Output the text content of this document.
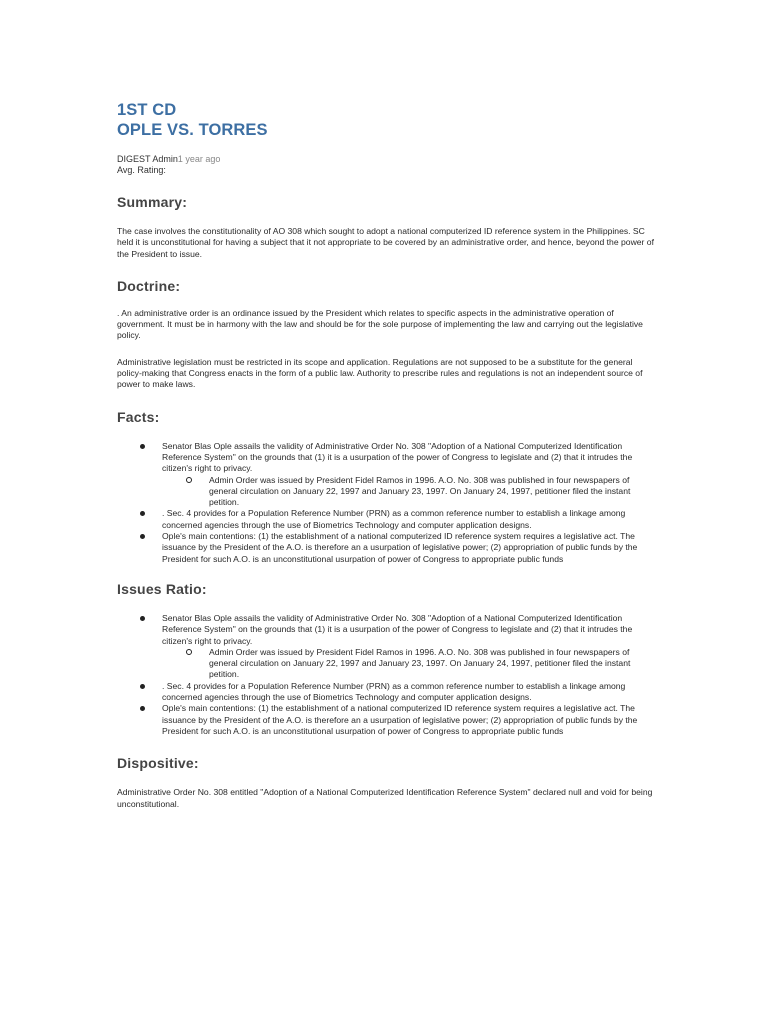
1ST CD
OPLE VS. TORRES
DIGEST Admin1 year ago
Avg. Rating:
Summary:

The case involves the constitutionality of AO 308 which sought to adopt a national computerized ID reference system in the Philippines. SC held it is unconstitutional for having a subject that it not appropriate to be covered by an administrative order, and hence, beyond the power of the President to issue.

Doctrine:

. An administrative order is an ordinance issued by the President which relates to specific aspects in the administrative operation of government. It must be in harmony with the law and should be for the sole purpose of implementing the law and carrying out the legislative policy.

Administrative legislation must be restricted in its scope and application. Regulations are not supposed to be a substitute for the general policy-making that Congress enacts in the form of a public law. Authority to prescribe rules and regulations is not an independent source of power to make laws.

Facts:
Senator Blas Ople assails the validity of Administrative Order No. 308 "Adoption of a National Computerized Identification Reference System" on the grounds that (1) it is a usurpation of the power of Congress to legislate and (2) that it intrudes the citizen's right to privacy.
Admin Order was issued by President Fidel Ramos in 1996. A.O. No. 308 was published in four newspapers of general circulation on January 22, 1997 and January 23, 1997. On January 24, 1997, petitioner filed the instant petition.
. Sec. 4 provides for a Population Reference Number (PRN) as a common reference number to establish a linkage among concerned agencies through the use of Biometrics Technology and computer application designs.
Ople's main contentions: (1) the establishment of a national computerized ID reference system requires a legislative act. The issuance by the President of the A.O. is therefore an a usurpation of legislative power; (2) appropriation of public funds by the President for such A.O. is an unconstitutional usurpation of power of Congress to appropriate public funds
Issues Ratio:
Senator Blas Ople assails the validity of Administrative Order No. 308 "Adoption of a National Computerized Identification Reference System" on the grounds that (1) it is a usurpation of the power of Congress to legislate and (2) that it intrudes the citizen's right to privacy.
Admin Order was issued by President Fidel Ramos in 1996. A.O. No. 308 was published in four newspapers of general circulation on January 22, 1997 and January 23, 1997. On January 24, 1997, petitioner filed the instant petition.
. Sec. 4 provides for a Population Reference Number (PRN) as a common reference number to establish a linkage among concerned agencies through the use of Biometrics Technology and computer application designs.
Ople's main contentions: (1) the establishment of a national computerized ID reference system requires a legislative act. The issuance by the President of the A.O. is therefore an a usurpation of legislative power; (2) appropriation of public funds by the President for such A.O. is an unconstitutional usurpation of power of Congress to appropriate public funds
Dispositive:

Administrative Order No. 308 entitled "Adoption of a National Computerized Identification Reference System" declared null and void for being unconstitutional.
